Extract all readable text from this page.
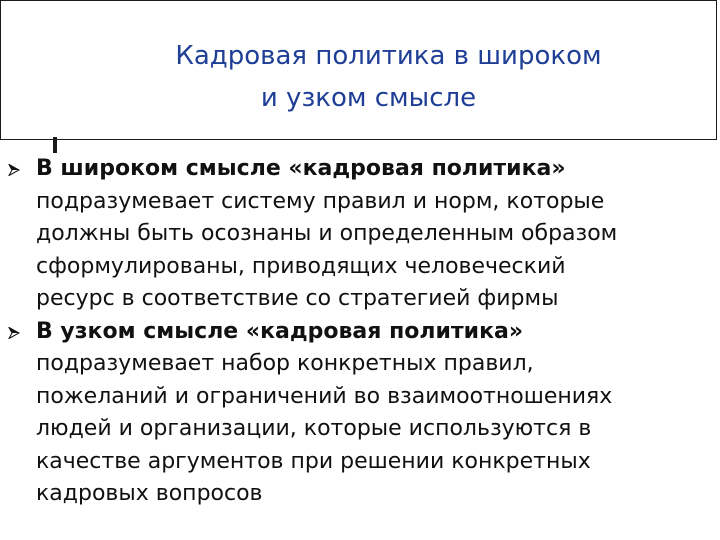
Кадровая политика в широком
и узком смысле
В широком смысле «кадровая политика»
подразумевает систему правил и норм, которые
должны быть осознаны и определенным образом
сформулированы, приводящих человеческий
ресурс в соответствие со стратегией фирмы
В узком смысле «кадровая политика»
подразумевает набор конкретных правил,
пожеланий и ограничений во взаимоотношениях
людей и организации, которые используются в
качестве аргументов при решении конкретных
кадровых вопросов
